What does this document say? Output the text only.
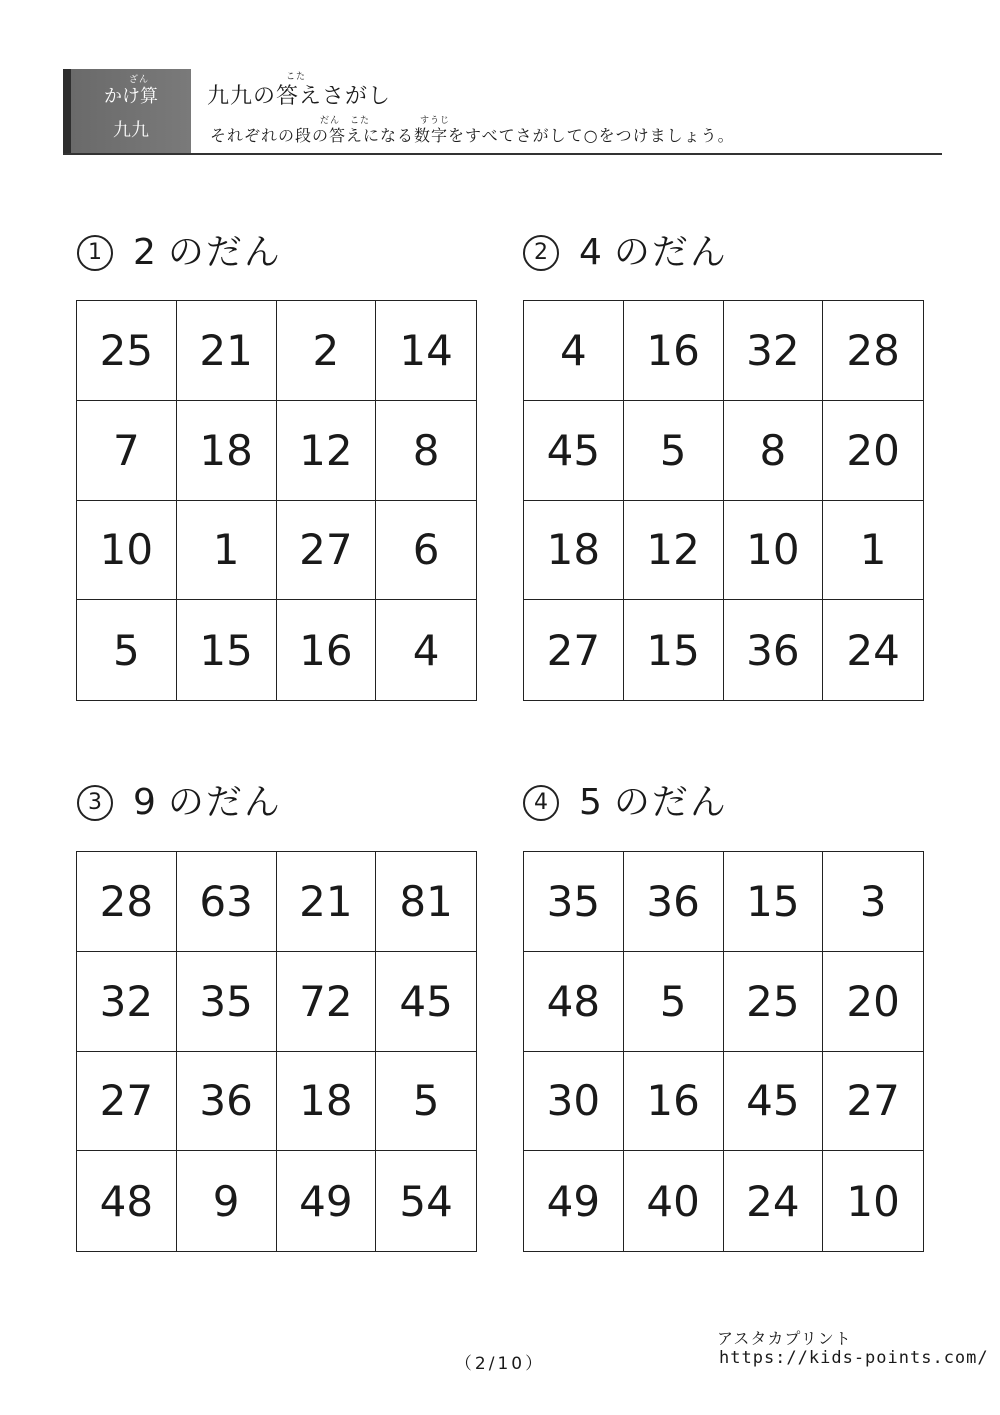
ざん
かけ算
九九
こた
九九の答えさがし
だん　こた　　　　　すうじ
それぞれの段の答えになる数字をすべてさがして○をつけましょう。
1 2 のだん
25	21	2	14
7	18	12	8
10	1	27	6
5	15	16	4
2 4 のだん
4	16	32	28
45	5	8	20
18	12	10	1
27	15	36	24
3 9 のだん
28	63	21	81
32	35	72	45
27	36	18	5
48	9	49	54
4 5 のだん
35	36	15	3
48	5	25	20
30	16	45	27
49	40	24	10
（2/10）
アスタカプリント
https://kids-points.com/
